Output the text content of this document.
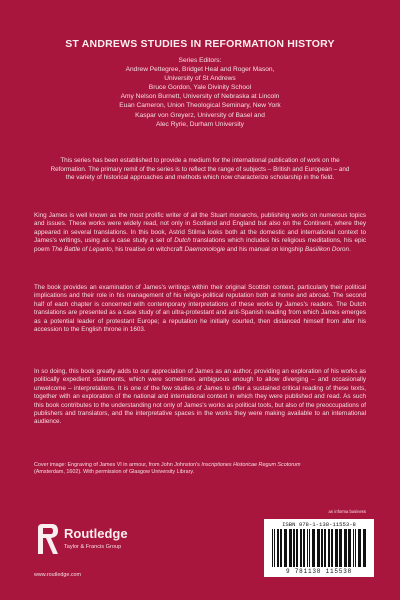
ST ANDREWS STUDIES IN REFORMATION HISTORY
Series Editors:
Andrew Pettegree, Bridget Heal and Roger Mason,
University of St Andrews
Bruce Gordon, Yale Divinity School
Amy Nelson Burnett, University of Nebraska at Lincoln
Euan Cameron, Union Theological Seminary, New York
Kaspar von Greyerz, University of Basel and
Alec Ryrie, Durham University

This series has been established to provide a medium for the international publication of work on the Reformation. The primary remit of the series is to reflect the range of subjects – British and European – and the variety of historical approaches and methods which now characterize scholarship in the field.

King James is well known as the most prolific writer of all the Stuart monarchs, publishing works on numerous topics and issues. These works were widely read, not only in Scotland and England but also on the Continent, where they appeared in several translations. In this book, Astrid Stilma looks both at the domestic and international context to James's writings, using as a case study a set of Dutch translations which includes his religious meditations, his epic poem The Battle of Lepanto, his treatise on witchcraft Daemonologie and his manual on kingship Basilikon Doron.

The book provides an examination of James's writings within their original Scottish context, particularly their political implications and their role in his management of his religio-political reputation both at home and abroad. The second half of each chapter is concerned with contemporary interpretations of these works by James's readers. The Dutch translations are presented as a case study of an ultra-protestant and anti-Spanish reading from which James emerges as a potential leader of protestant Europe; a reputation he initially courted, then distanced himself from after his accession to the English throne in 1603.

In so doing, this book greatly adds to our appreciation of James as an author, providing an exploration of his works as politically expedient statements, which were sometimes ambiguous enough to allow diverging – and occasionally unwelcome – interpretations. It is one of the few studies of James to offer a sustained critical reading of these texts, together with an exploration of the national and international context in which they were published and read. As such this book contributes to the understanding not only of James's works as political tools, but also of the preoccupations of publishers and translators, and the interpretative spaces in the works they were making available to an international audience.

Cover image: Engraving of James VI in armour, from John Johnston's Inscriptiones Historicae Regum Scotorum (Amsterdam, 1602). With permission of Glasgow University Library.

Routledge
Taylor & Francis Group
www.routledge.com
an informa business
ISBN 978-1-138-11553-8
9 781138 115538
